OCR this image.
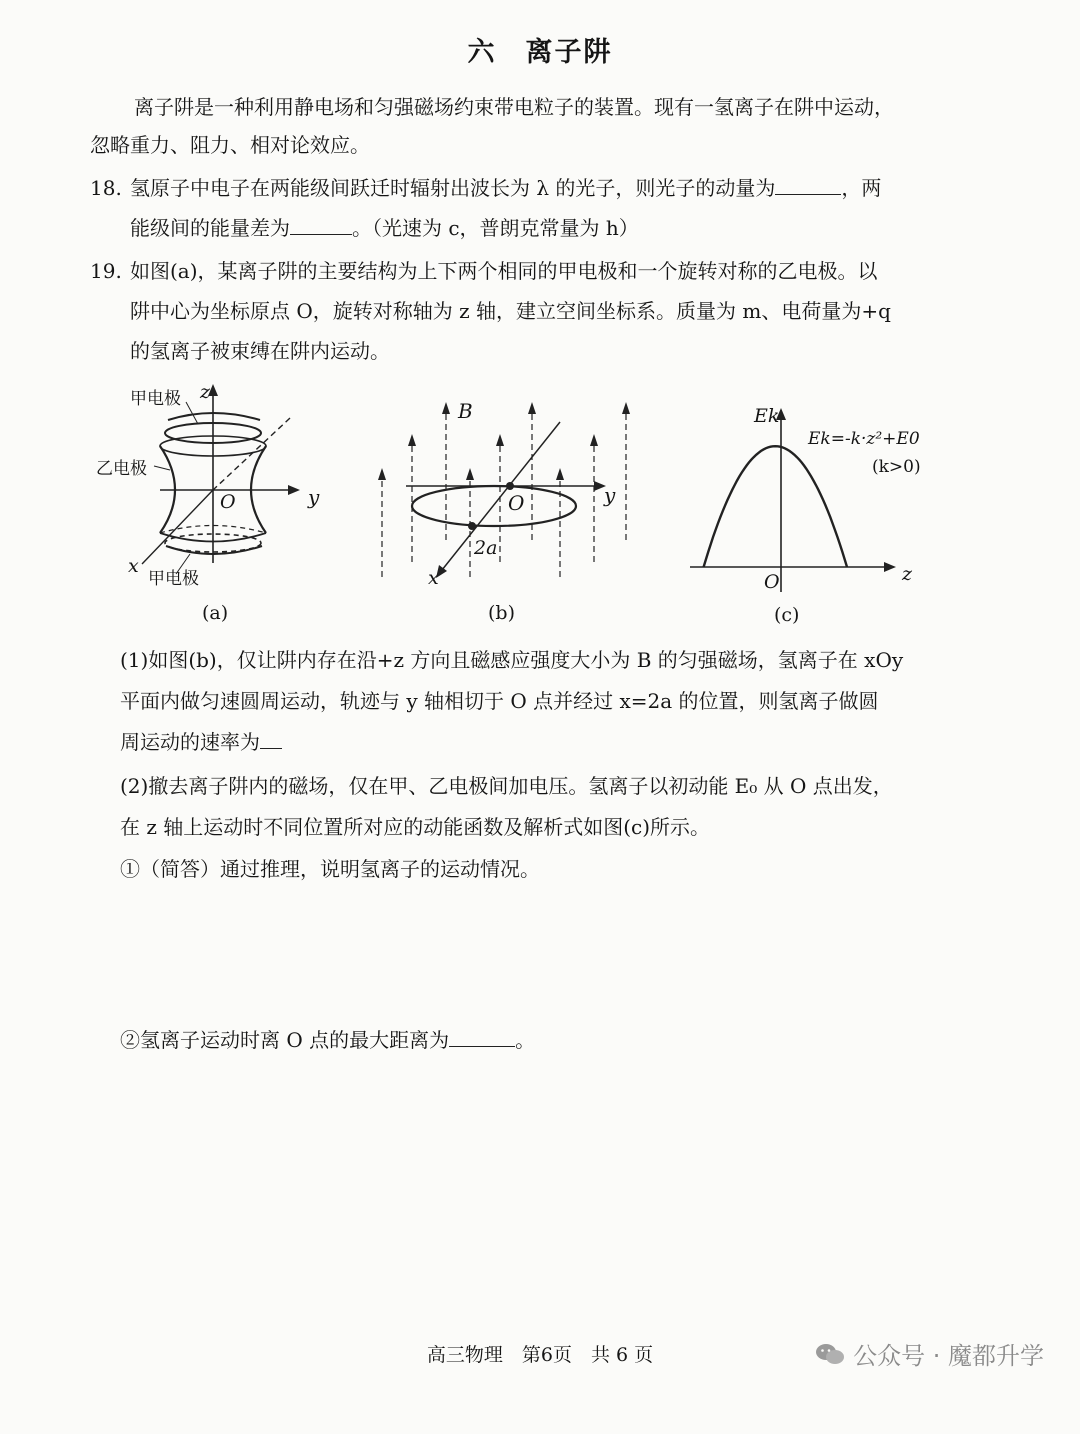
六　离子阱
离子阱是一种利用静电场和匀强磁场约束带电粒子的装置。现有一氢离子在阱中运动，
忽略重力、阻力、相对论效应。
18. 氢原子中电子在两能级间跃迁时辐射出波长为 λ 的光子，则光子的动量为	，两
能级间的能量差为	。（光速为 c，普朗克常量为 h）
19. 如图(a)，某离子阱的主要结构为上下两个相同的甲电极和一个旋转对称的乙电极。以
阱中心为坐标原点 O，旋转对称轴为 z 轴，建立空间坐标系。质量为 m、电荷量为+q
的氢离子被束缚在阱内运动。
甲电极
乙电极
甲电极
z
y
x
O
(a)
B
y
x
O
2a
(b)
Ek
O	z
Ek=-k·z²+E0
(k>0)
(c)
(1)如图(b)，仅让阱内存在沿+z 方向且磁感应强度大小为 B 的匀强磁场，氢离子在 xOy
平面内做匀速圆周运动，轨迹与 y 轴相切于 O 点并经过 x=2a 的位置，则氢离子做圆
周运动的速率为
(2)撤去离子阱内的磁场，仅在甲、乙电极间加电压。氢离子以初动能 E₀ 从 O 点出发，
在 z 轴上运动时不同位置所对应的动能函数及解析式如图(c)所示。
①（简答）通过推理，说明氢离子的运动情况。
②氢离子运动时离 O 点的最大距离为	。
高三物理　第6页　共 6 页	公众号 · 魔都升学
